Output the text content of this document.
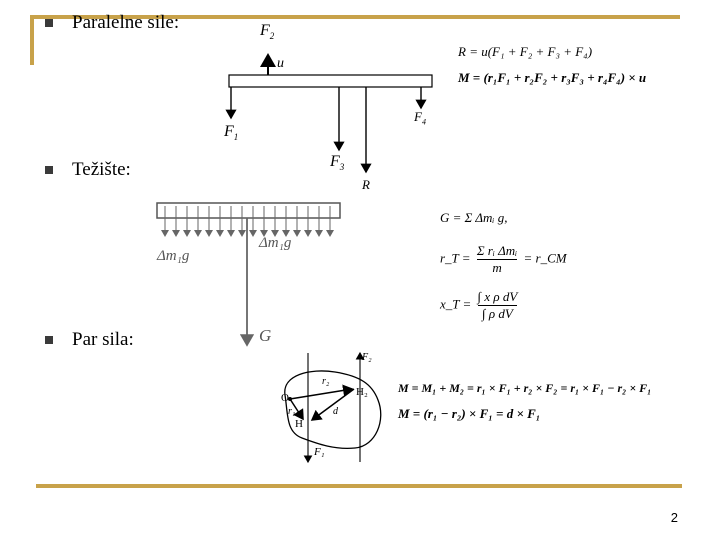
Paralelne sile:
Težište:
Par sila:
$F_2$
u
$F_1$
$F_3$
$F_4$
R
R = u(F₁ + F₂ + F₃ + F₄)
M = (r₁F₁ + r₂F₂ + r₃F₃ + r₄F₄) × u
Δm₁g
Δm₁g
G
G = Σ Δmᵢ g,
r_T = Σ rᵢ Δmᵢ
m
= r_CM
x_T = $\frac{\text{∫ x ρ dV}}{\text{∫ ρ dV}}$
O
H
H₂
r₂
r₁	d
F₁
F₂
M = M₁ + M₂ = r₁ × F₁ + r₂ × F₂ = r₁ × F₁ − r₂ × F₁
M = (r₁ − r₂) × F₁ = d × F₁
2
